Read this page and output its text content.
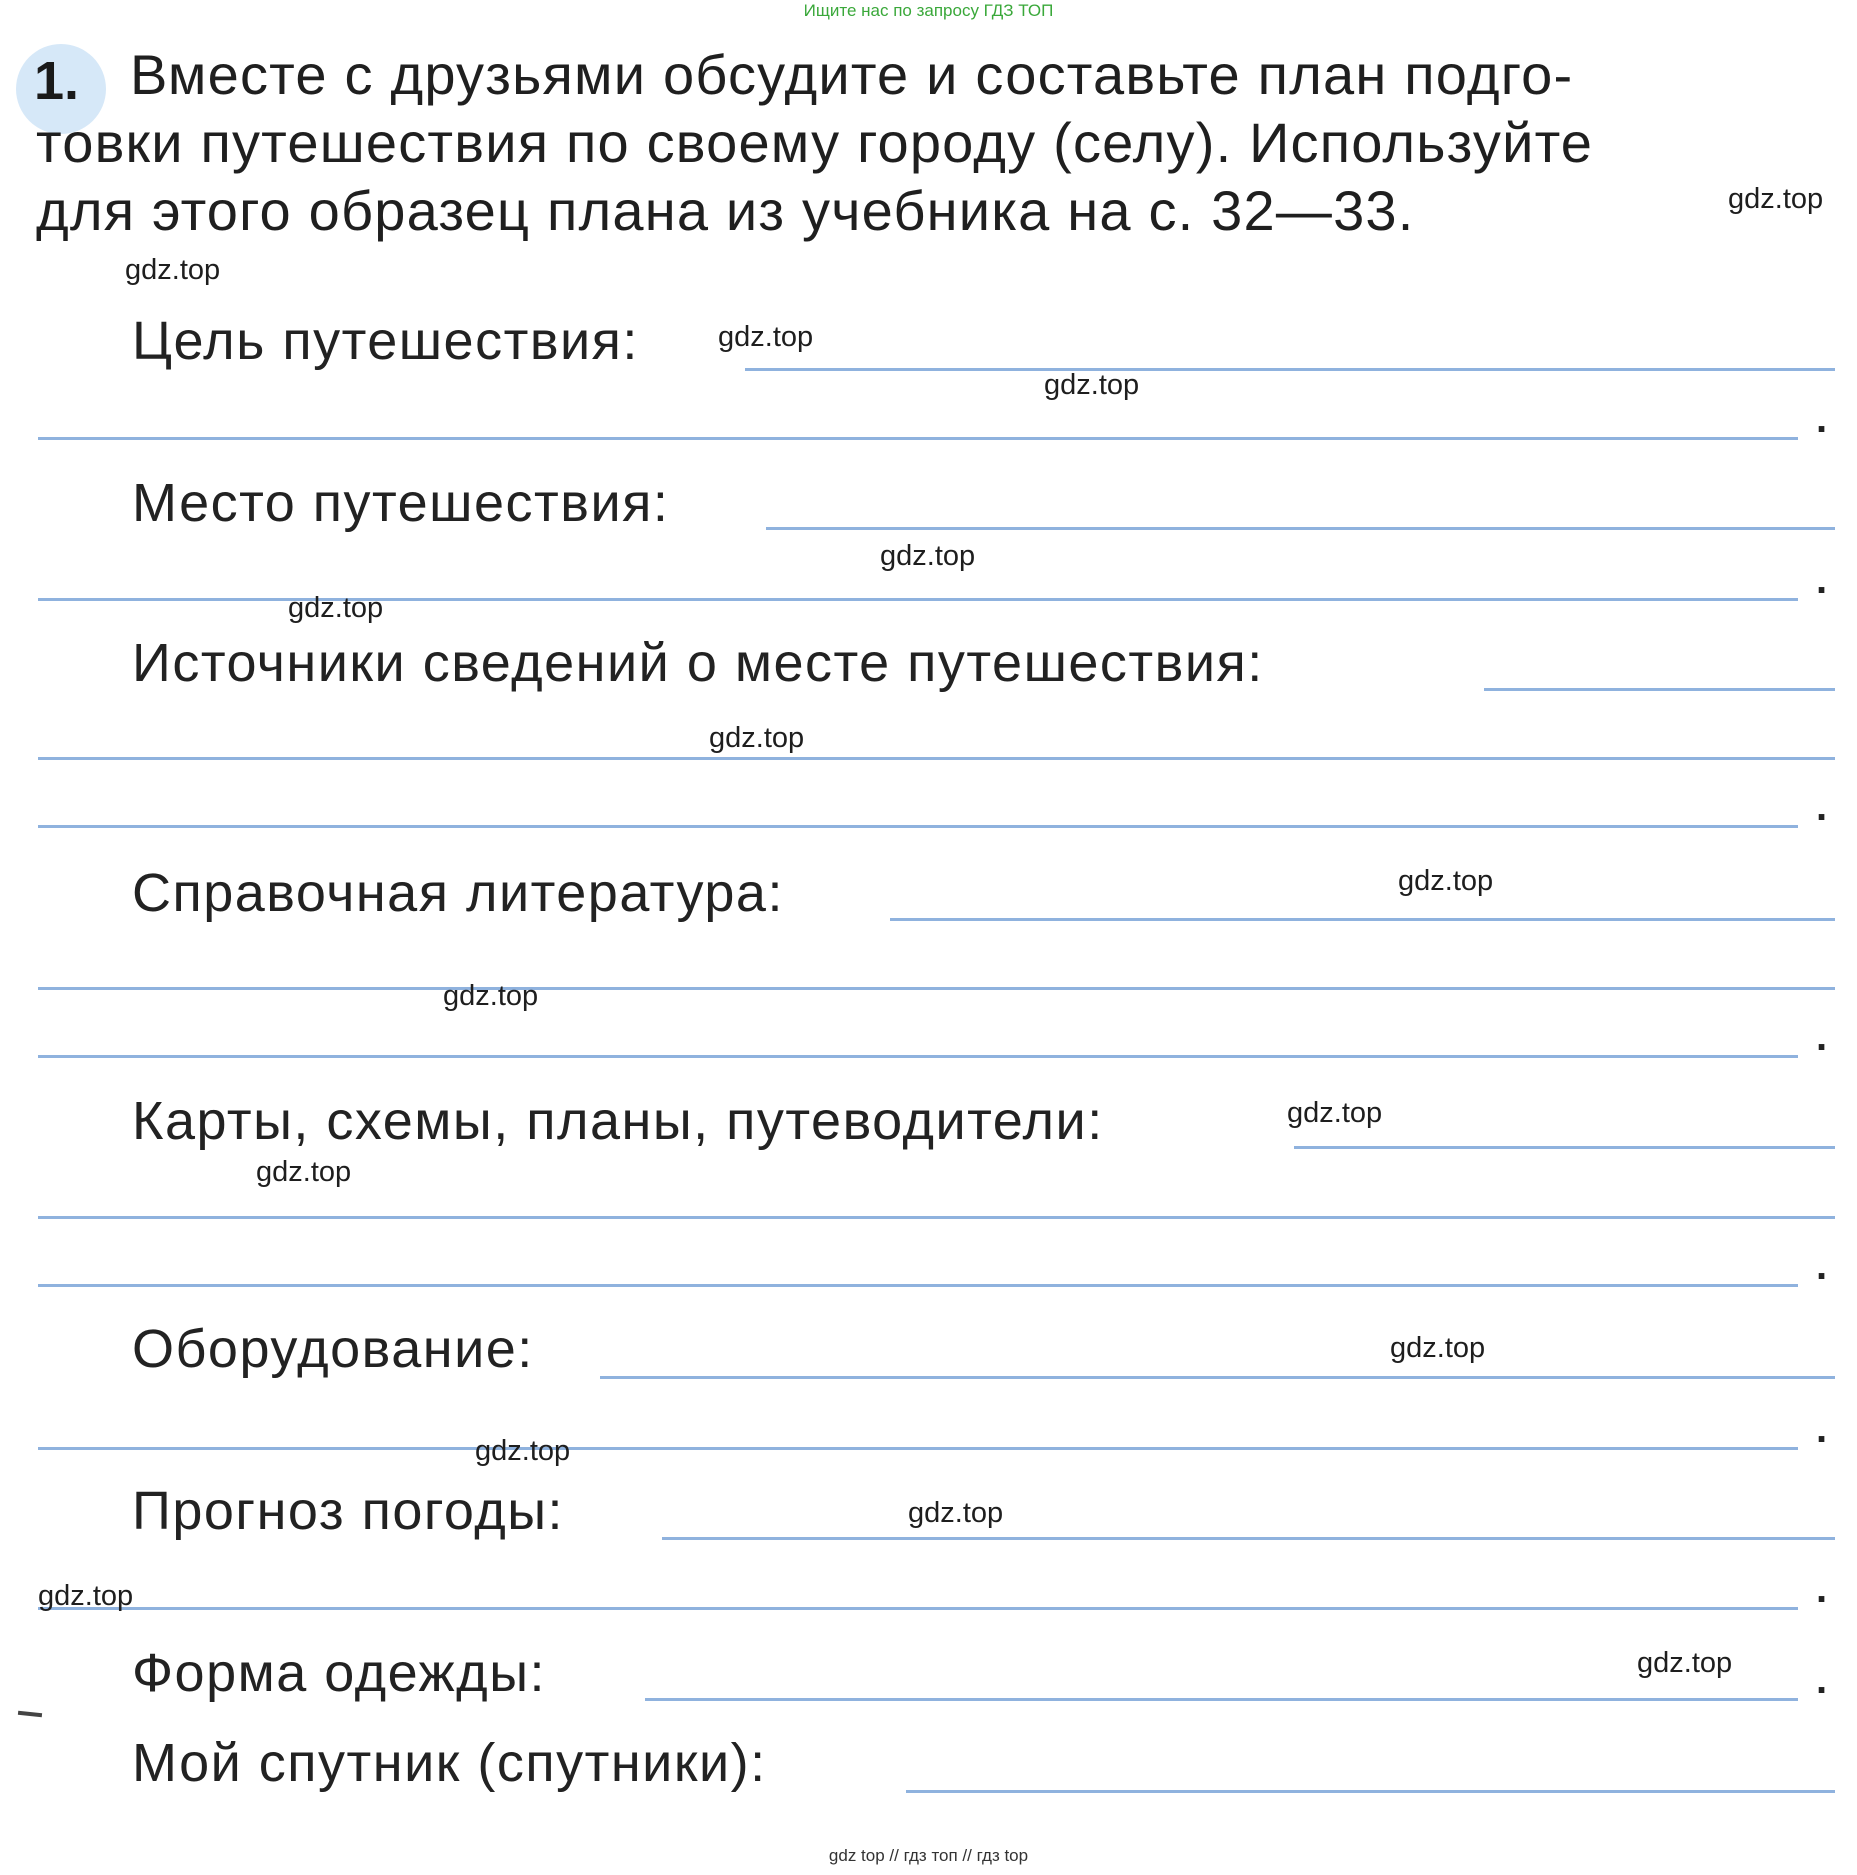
Ищите нас по запросу ГДЗ ТОП
1. Вместе с друзьями обсудите и составьте план подго-
товки путешествия по своему городу (селу). Используйте
для этого образец плана из учебника на с. 32—33.
Цель путешествия:
.
Место путешествия:
.
Источники сведений о месте путешествия:
.
Справочная литература:
.
Карты, схемы, планы, путеводители:
.
Оборудование:
.
Прогноз погоды:
.
Форма одежды:	.
Мой спутник (спутники):
gdz.top
gdz.top
gdz.top
gdz.top
gdz.top
gdz.top
gdz.top
gdz.top
gdz.top
gdz.top
gdz.top
gdz.top
gdz.top
gdz.top
gdz.top
gdz.top
gdz top // гдз топ // гдз top
